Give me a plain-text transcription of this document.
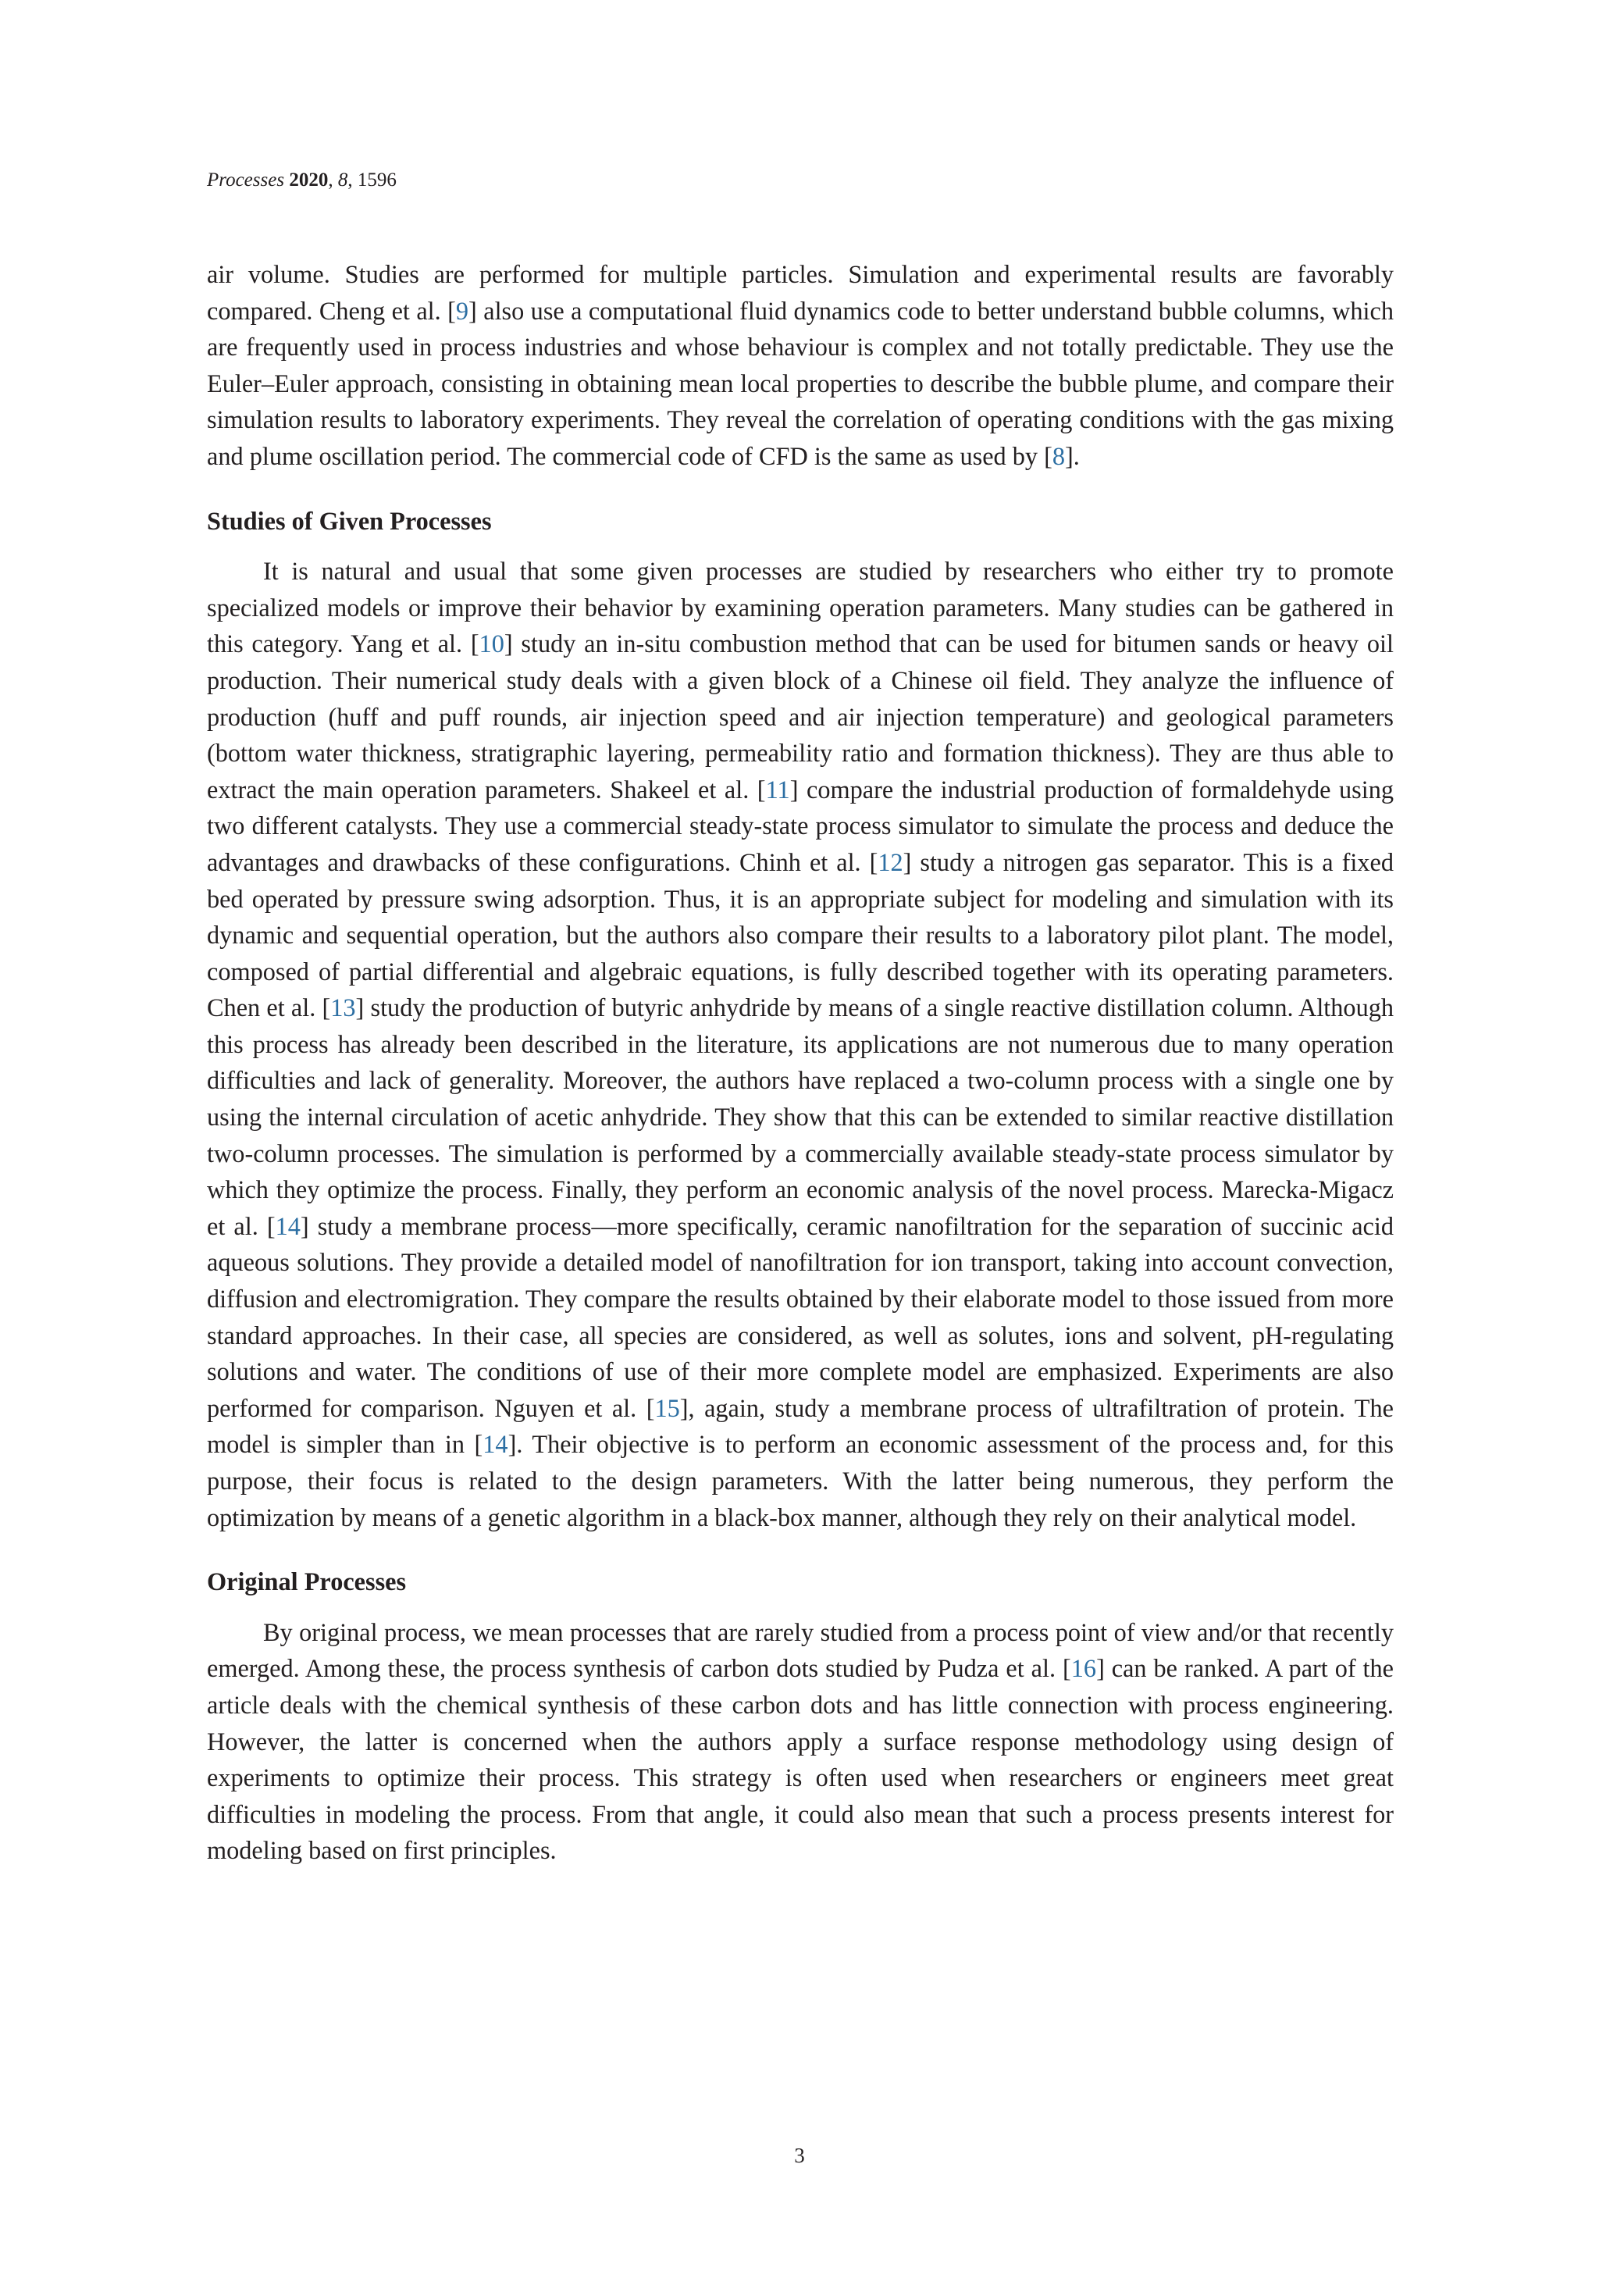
Processes 2020, 8, 1596

air volume. Studies are performed for multiple particles. Simulation and experimental results are favorably compared. Cheng et al. [9] also use a computational fluid dynamics code to better understand bubble columns, which are frequently used in process industries and whose behaviour is complex and not totally predictable. They use the Euler–Euler approach, consisting in obtaining mean local properties to describe the bubble plume, and compare their simulation results to laboratory experiments. They reveal the correlation of operating conditions with the gas mixing and plume oscillation period. The commercial code of CFD is the same as used by [8].

Studies of Given Processes

It is natural and usual that some given processes are studied by researchers who either try to promote specialized models or improve their behavior by examining operation parameters. Many studies can be gathered in this category. Yang et al. [10] study an in-situ combustion method that can be used for bitumen sands or heavy oil production. Their numerical study deals with a given block of a Chinese oil field. They analyze the influence of production (huff and puff rounds, air injection speed and air injection temperature) and geological parameters (bottom water thickness, stratigraphic layering, permeability ratio and formation thickness). They are thus able to extract the main operation parameters. Shakeel et al. [11] compare the industrial production of formaldehyde using two different catalysts. They use a commercial steady-state process simulator to simulate the process and deduce the advantages and drawbacks of these configurations. Chinh et al. [12] study a nitrogen gas separator. This is a fixed bed operated by pressure swing adsorption. Thus, it is an appropriate subject for modeling and simulation with its dynamic and sequential operation, but the authors also compare their results to a laboratory pilot plant. The model, composed of partial differential and algebraic equations, is fully described together with its operating parameters. Chen et al. [13] study the production of butyric anhydride by means of a single reactive distillation column. Although this process has already been described in the literature, its applications are not numerous due to many operation difficulties and lack of generality. Moreover, the authors have replaced a two-column process with a single one by using the internal circulation of acetic anhydride. They show that this can be extended to similar reactive distillation two-column processes. The simulation is performed by a commercially available steady-state process simulator by which they optimize the process. Finally, they perform an economic analysis of the novel process. Marecka-Migacz et al. [14] study a membrane process—more specifically, ceramic nanofiltration for the separation of succinic acid aqueous solutions. They provide a detailed model of nanofiltration for ion transport, taking into account convection, diffusion and electromigration. They compare the results obtained by their elaborate model to those issued from more standard approaches. In their case, all species are considered, as well as solutes, ions and solvent, pH-regulating solutions and water. The conditions of use of their more complete model are emphasized. Experiments are also performed for comparison. Nguyen et al. [15], again, study a membrane process of ultrafiltration of protein. The model is simpler than in [14]. Their objective is to perform an economic assessment of the process and, for this purpose, their focus is related to the design parameters. With the latter being numerous, they perform the optimization by means of a genetic algorithm in a black-box manner, although they rely on their analytical model.

Original Processes

By original process, we mean processes that are rarely studied from a process point of view and/or that recently emerged. Among these, the process synthesis of carbon dots studied by Pudza et al. [16] can be ranked. A part of the article deals with the chemical synthesis of these carbon dots and has little connection with process engineering. However, the latter is concerned when the authors apply a surface response methodology using design of experiments to optimize their process. This strategy is often used when researchers or engineers meet great difficulties in modeling the process. From that angle, it could also mean that such a process presents interest for modeling based on first principles.

3
